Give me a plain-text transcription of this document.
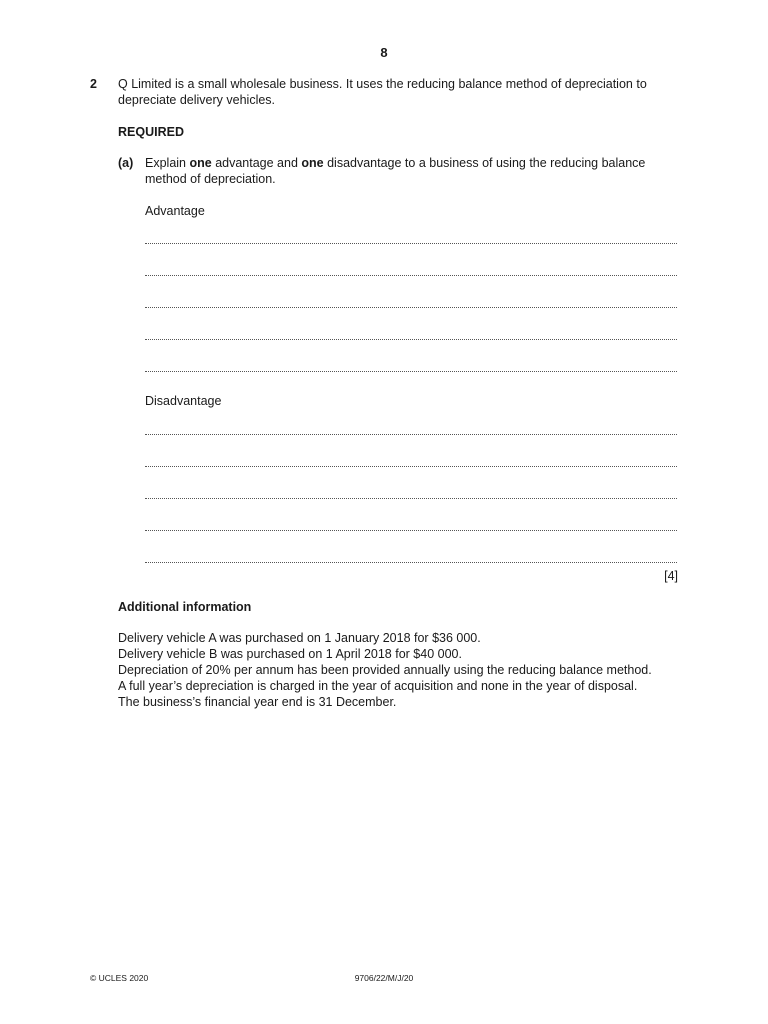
8
2 Q Limited is a small wholesale business. It uses the reducing balance method of depreciation to depreciate delivery vehicles.
REQUIRED
(a) Explain one advantage and one disadvantage to a business of using the reducing balance method of depreciation.
Advantage
Disadvantage
[4]
Additional information
Delivery vehicle A was purchased on 1 January 2018 for $36 000.
Delivery vehicle B was purchased on 1 April 2018 for $40 000.
Depreciation of 20% per annum has been provided annually using the reducing balance method.
A full year’s depreciation is charged in the year of acquisition and none in the year of disposal.
The business’s financial year end is 31 December.
© UCLES 2020	9706/22/M/J/20
